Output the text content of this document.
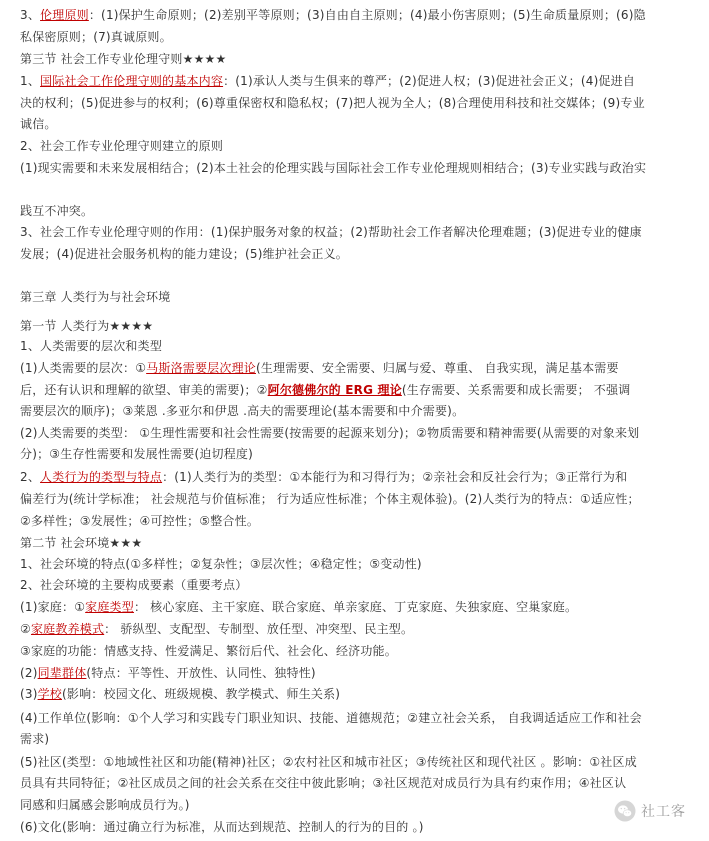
3、伦理原则：(1)保护生命原则；(2)差别平等原则；(3)自由自主原则；(4)最小伤害原则；(5)生命质量原则；(6)隐
私保密原则；(7)真诚原则。
第三节 社会工作专业伦理守则★★★★
1、国际社会工作伦理守则的基本内容：(1)承认人类与生俱来的尊严；(2)促进人权；(3)促进社会正义；(4)促进自
决的权利；(5)促进参与的权利；(6)尊重保密权和隐私权；(7)把人视为全人；(8)合理使用科技和社交媒体；(9)专业
诚信。
2、社会工作专业伦理守则建立的原则
(1)现实需要和未来发展相结合；(2)本土社会的伦理实践与国际社会工作专业伦理规则相结合；(3)专业实践与政治实
践互不冲突。
3、社会工作专业伦理守则的作用：(1)保护服务对象的权益；(2)帮助社会工作者解决伦理难题；(3)促进专业的健康
发展；(4)促进社会服务机构的能力建设；(5)维护社会正义。
第三章 人类行为与社会环境
第一节 人类行为★★★★
1、人类需要的层次和类型
(1)人类需要的层次：①马斯洛需要层次理论(生理需要、安全需要、归属与爱、尊重、 自我实现，满足基本需要
后，还有认识和理解的欲望、审美的需要)；②阿尔德佛尔的 ERG 理论(生存需要、关系需要和成长需要； 不强调
需要层次的顺序)；③莱恩 .多亚尔和伊恩 .高夫的需要理论(基本需要和中介需要)。
(2)人类需要的类型： ①生理性需要和社会性需要(按需要的起源来划分)；②物质需要和精神需要(从需要的对象来划
分)；③生存性需要和发展性需要(迫切程度)
2、人类行为的类型与特点：(1)人类行为的类型：①本能行为和习得行为；②亲社会和反社会行为；③正常行为和
偏差行为(统计学标准； 社会规范与价值标准； 行为适应性标准；个体主观体验)。(2)人类行为的特点：①适应性；
②多样性；③发展性；④可控性；⑤整合性。
第二节 社会环境★★★
1、社会环境的特点(①多样性；②复杂性；③层次性；④稳定性；⑤变动性)
2、社会环境的主要构成要素（重要考点）
(1)家庭：①家庭类型： 核心家庭、主干家庭、联合家庭、单亲家庭、丁克家庭、失独家庭、空巢家庭。
②家庭教养模式： 骄纵型、支配型、专制型、放任型、冲突型、民主型。
③家庭的功能：情感支持、性爱满足、繁衍后代、社会化、经济功能。
(2)同辈群体(特点：平等性、开放性、认同性、独特性)
(3)学校(影响：校园文化、班级规模、教学模式、师生关系)
(4)工作单位(影响：①个人学习和实践专门职业知识、技能、道德规范；②建立社会关系， 自我调适适应工作和社会
需求)
(5)社区(类型：①地域性社区和功能(精神)社区；②农村社区和城市社区；③传统社区和现代社区 。影响：①社区成
员具有共同特征；②社区成员之间的社会关系在交往中彼此影响；③社区规范对成员行为具有约束作用；④社区认
同感和归属感会影响成员行为。)
(6)文化(影响：通过确立行为标准，从而达到规范、控制人的行为的目的 。)
社工客
